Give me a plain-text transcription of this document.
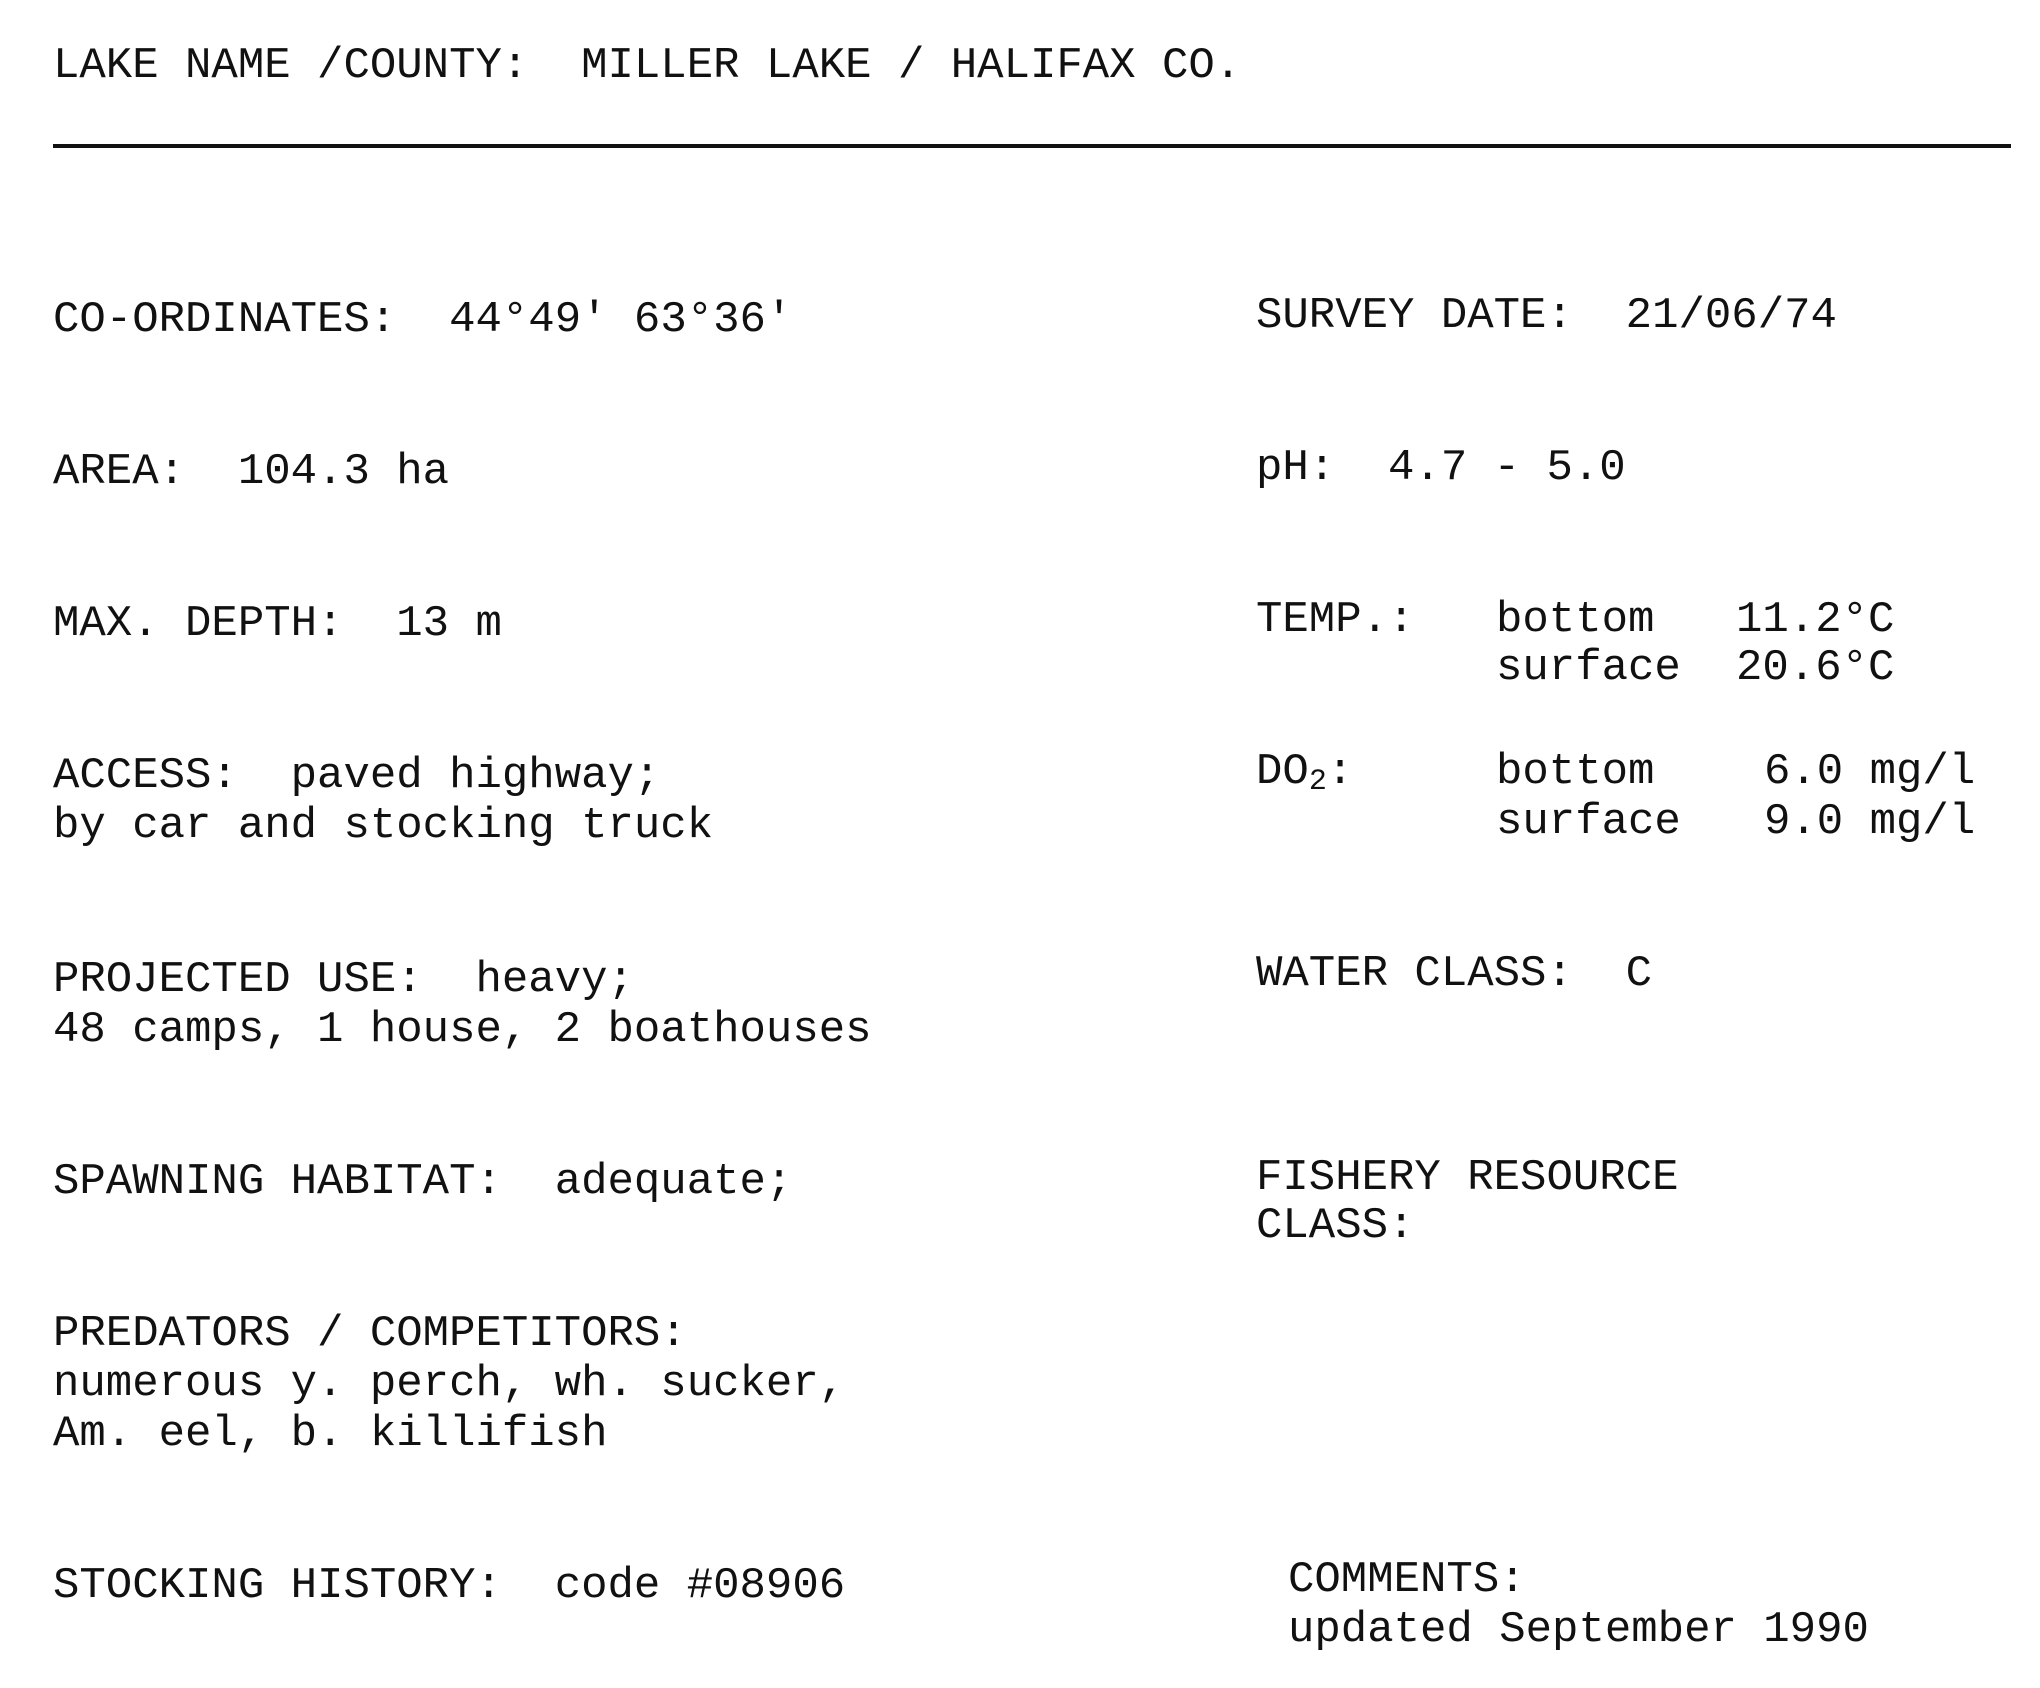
LAKE NAME /COUNTY: MILLER LAKE / HALIFAX CO.
CO-ORDINATES: 44°49' 63°36'
AREA: 104.3 ha
MAX. DEPTH: 13 m
ACCESS: paved highway;
by car and stocking truck
PROJECTED USE: heavy;
48 camps, 1 house, 2 boathouses
SPAWNING HABITAT: adequate;
PREDATORS / COMPETITORS:
numerous y. perch, wh. sucker,
Am. eel, b. killifish
STOCKING HISTORY: code #08906
SURVEY DATE: 21/06/74
pH: 4.7 - 5.0
TEMP.: bottom 11.2°C
surface 20.6°C
$DO_2$:	bottom 6.0 mg/l
surface 9.0 mg/l
WATER CLASS: C
FISHERY RESOURCE
CLASS:
COMMENTS:
updated September 1990
